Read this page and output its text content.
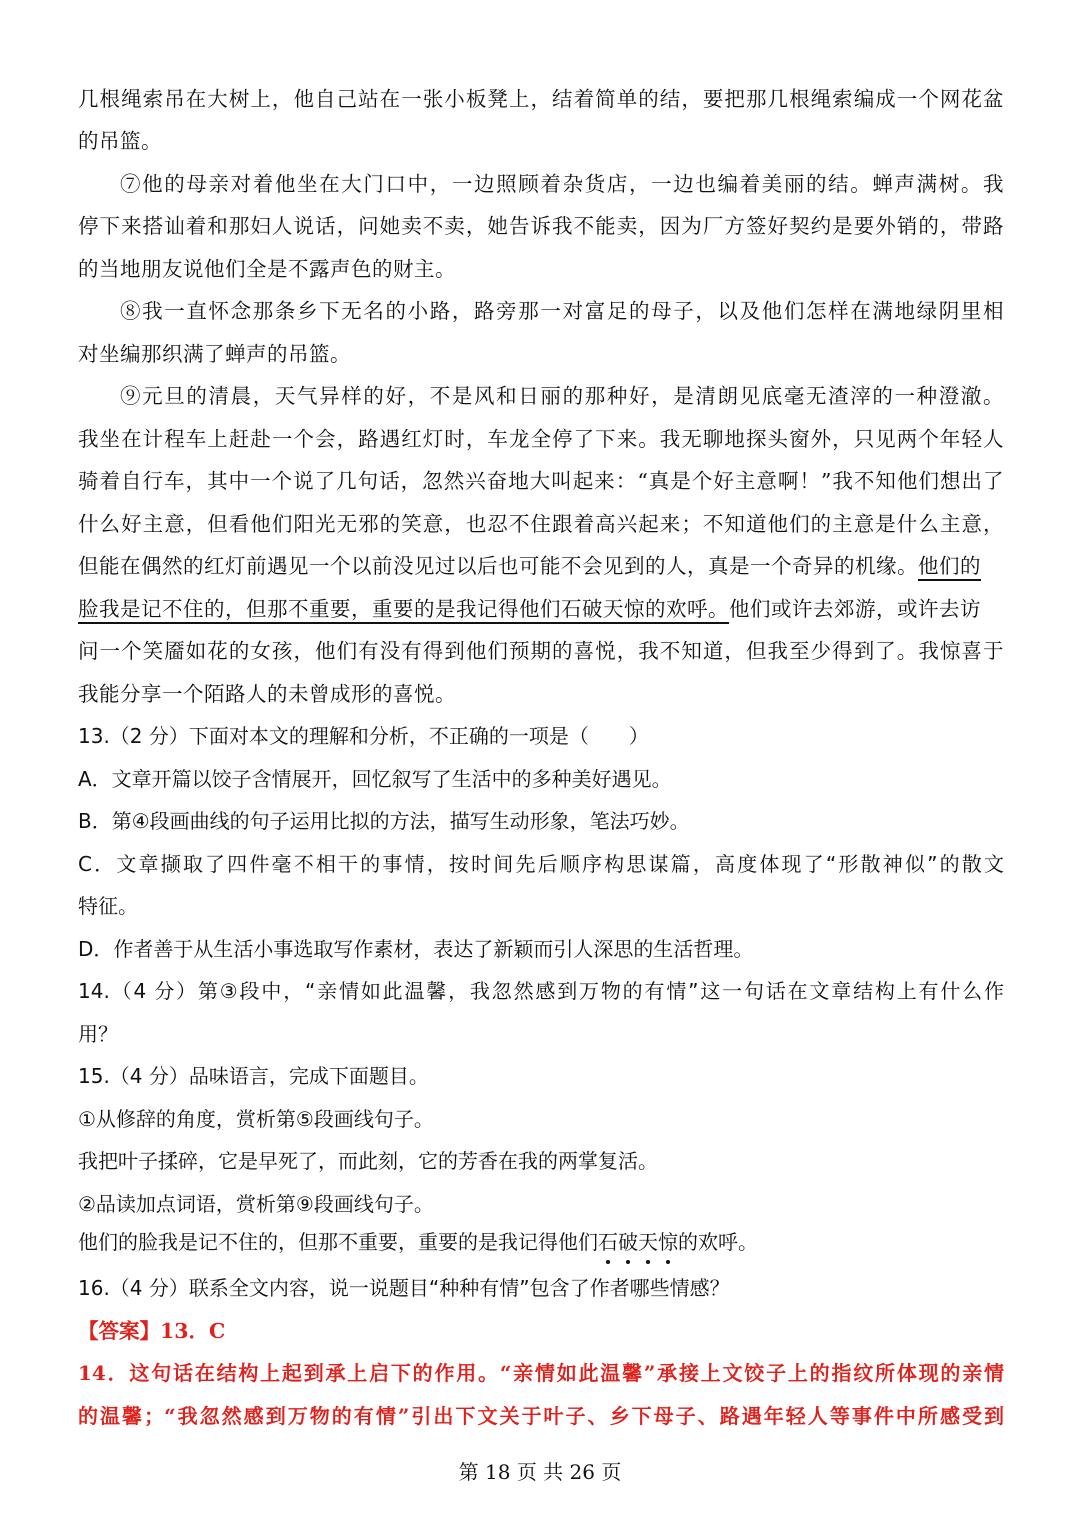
几根绳索吊在大树上，他自己站在一张小板凳上，结着简单的结，要把那几根绳索编成一个网花盆
的吊篮。
⑦他的母亲对着他坐在大门口中，一边照顾着杂货店，一边也编着美丽的结。蝉声满树。我
停下来搭讪着和那妇人说话，问她卖不卖，她告诉我不能卖，因为厂方签好契约是要外销的，带路
的当地朋友说他们全是不露声色的财主。
⑧我一直怀念那条乡下无名的小路，路旁那一对富足的母子，以及他们怎样在满地绿阴里相
对坐编那织满了蝉声的吊篮。
⑨元旦的清晨，天气异样的好，不是风和日丽的那种好，是清朗见底毫无渣滓的一种澄澈。
我坐在计程车上赶赴一个会，路遇红灯时，车龙全停了下来。我无聊地探头窗外，只见两个年轻人
骑着自行车，其中一个说了几句话，忽然兴奋地大叫起来：“真是个好主意啊！”我不知他们想出了
什么好主意，但看他们阳光无邪的笑意，也忍不住跟着高兴起来；不知道他们的主意是什么主意，
但能在偶然的红灯前遇见一个以前没见过以后也可能不会见到的人，真是一个奇异的机缘。他们的
脸我是记不住的，但那不重要，重要的是我记得他们石破天惊的欢呼。他们或许去郊游，或许去访
问一个笑靥如花的女孩，他们有没有得到他们预期的喜悦，我不知道，但我至少得到了。我惊喜于
我能分享一个陌路人的未曾成形的喜悦。
13.（2 分）下面对本文的理解和分析，不正确的一项是（　　）
A．文章开篇以饺子含情展开，回忆叙写了生活中的多种美好遇见。
B．第④段画曲线的句子运用比拟的方法，描写生动形象，笔法巧妙。
C．文章撷取了四件毫不相干的事情，按时间先后顺序构思谋篇，高度体现了“形散神似”的散文
特征。
D．作者善于从生活小事选取写作素材，表达了新颖而引人深思的生活哲理。
14.（4 分）第③段中，“亲情如此温馨，我忽然感到万物的有情”这一句话在文章结构上有什么作
用？
15.（4 分）品味语言，完成下面题目。
①从修辞的角度，赏析第⑤段画线句子。
我把叶子揉碎，它是早死了，而此刻，它的芳香在我的两掌复活。
②品读加点词语，赏析第⑨段画线句子。
他们的脸我是记不住的，但那不重要，重要的是我记得他们石破天惊的欢呼。
16.（4 分）联系全文内容，说一说题目“种种有情”包含了作者哪些情感？
【答案】13．C
14．这句话在结构上起到承上启下的作用。“亲情如此温馨”承接上文饺子上的指纹所体现的亲情
的温馨；“我忽然感到万物的有情”引出下文关于叶子、乡下母子、路遇年轻人等事件中所感受到
第 18 页 共 26 页
